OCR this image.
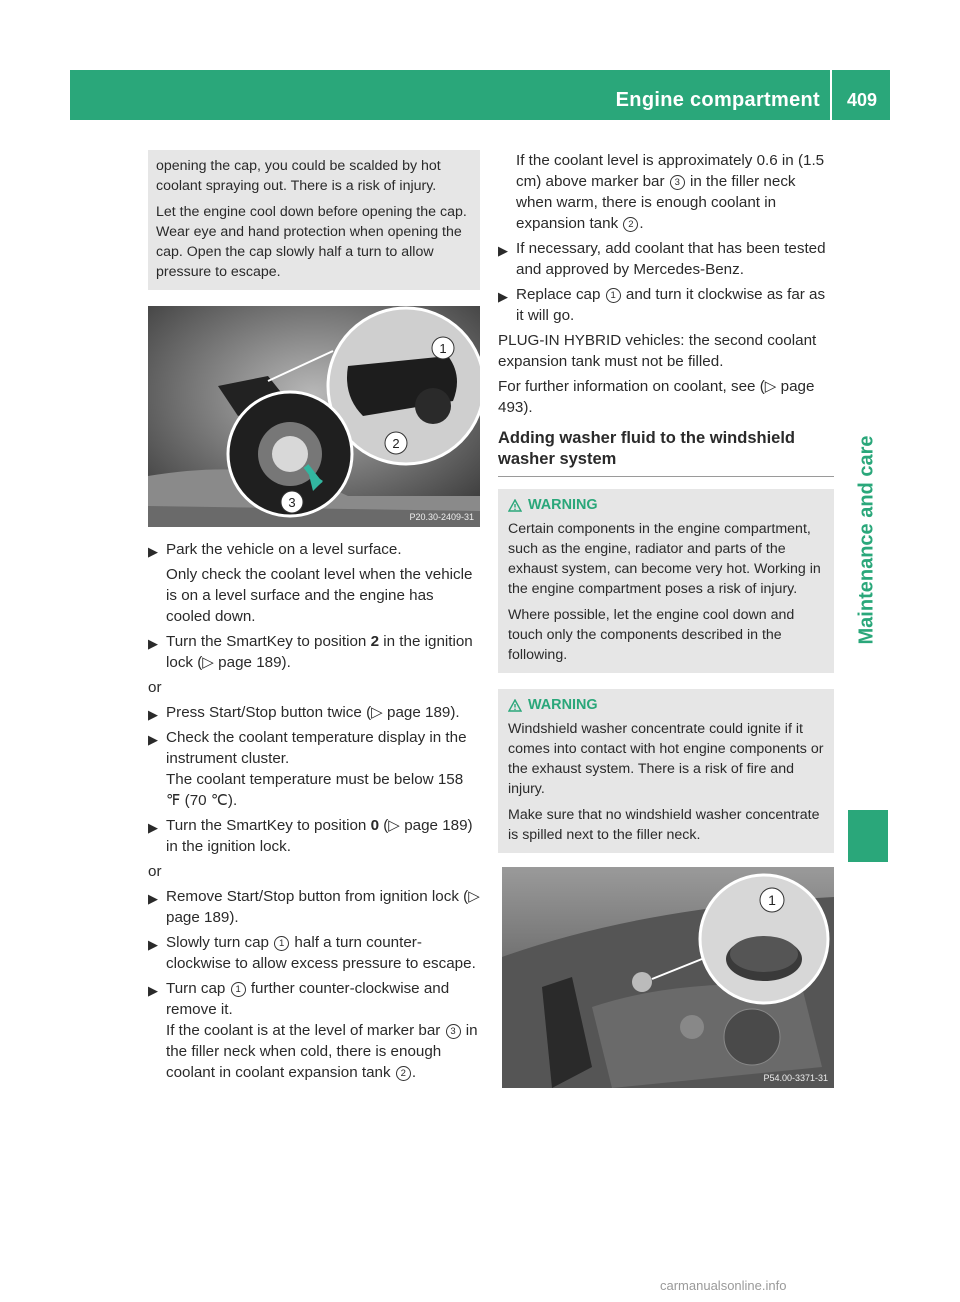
Engine compartment	409
Maintenance and care

opening the cap, you could be scalded by hot coolant spraying out. There is a risk of injury.

Let the engine cool down before opening the cap. Wear eye and hand protection when opening the cap. Open the cap slowly half a turn to allow pressure to escape.

1
2
3
P20.30-2409-31
▶ Park the vehicle on a level surface.

Only check the coolant level when the vehicle is on a level surface and the engine has cooled down.

▶ Turn the SmartKey to position 2 in the ignition lock (▷ page 189).

or

▶ Press Start/Stop button twice (▷ page 189).

▶ Check the coolant temperature display in the instrument cluster.

The coolant temperature must be below 158 ℉ (70 ℃).

▶ Turn the SmartKey to position 0 (▷ page 189) in the ignition lock.

or

▶ Remove Start/Stop button from ignition lock (▷ page 189).

▶ Slowly turn cap 1 half a turn counter-clockwise to allow excess pressure to escape.

▶ Turn cap 1 further counter-clockwise and remove it.

If the coolant is at the level of marker bar 3 in the filler neck when cold, there is enough coolant in coolant expansion tank 2 .

If the coolant level is approximately 0.6 in (1.5 cm) above marker bar 3 in the filler neck when warm, there is enough coolant in expansion tank 2 .

▶ If necessary, add coolant that has been tested and approved by Mercedes-Benz.

▶ Replace cap 1 and turn it clockwise as far as it will go.

PLUG-IN HYBRID vehicles: the second coolant expansion tank must not be filled.

For further information on coolant, see (▷ page 493).

Adding washer fluid to the windshield washer system
WARNING

Certain components in the engine compartment, such as the engine, radiator and parts of the exhaust system, can become very hot. Working in the engine compartment poses a risk of injury.

Where possible, let the engine cool down and touch only the components described in the following.

WARNING

Windshield washer concentrate could ignite if it comes into contact with hot engine components or the exhaust system. There is a risk of fire and injury.

Make sure that no windshield washer concentrate is spilled next to the filler neck.

1
P54.00-3371-31
carmanualsonline.info
